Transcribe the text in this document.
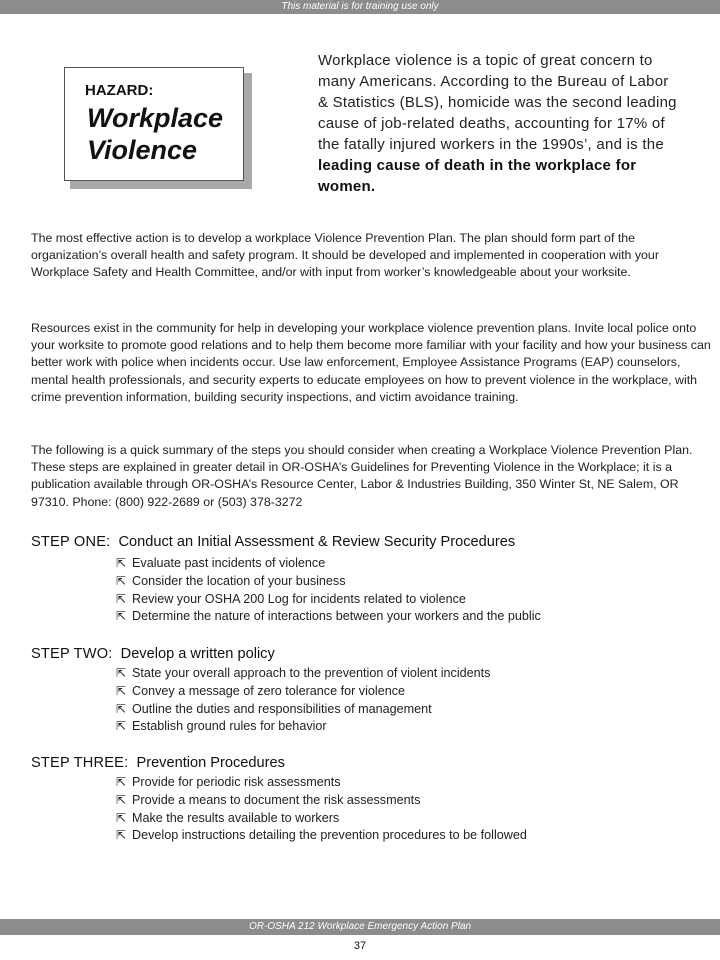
This material is for training use only
HAZARD:
Workplace
Violence
Workplace violence is a topic of great concern to many Americans. According to the Bureau of Labor & Statistics (BLS), homicide was the second leading cause of job-related deaths, accounting for 17% of the fatally injured workers in the 1990s’, and is the leading cause of death in the workplace for women.
The most effective action is to develop a workplace Violence Prevention Plan. The plan should form part of the organization’s overall health and safety program. It should be developed and implemented in cooperation with your Workplace Safety and Health Committee, and/or with input from worker’s knowledgeable about your worksite.
Resources exist in the community for help in developing your workplace violence prevention plans. Invite local police onto your worksite to promote good relations and to help them become more familiar with your facility and how your business can better work with police when incidents occur. Use law enforcement, Employee Assistance Programs (EAP) counselors, mental health professionals, and security experts to educate employees on how to prevent violence in the workplace, with crime prevention information, building security inspections, and victim avoidance training.
The following is a quick summary of the steps you should consider when creating a Workplace Violence Prevention Plan. These steps are explained in greater detail in OR-OSHA’s Guidelines for Preventing Violence in the Workplace; it is a publication available through OR-OSHA’s Resource Center, Labor & Industries Building, 350 Winter St, NE Salem, OR 97310. Phone: (800) 922-2689 or (503) 378-3272
STEP ONE: Conduct an Initial Assessment & Review Security Procedures
⇱ Evaluate past incidents of violence
⇱ Consider the location of your business
⇱ Review your OSHA 200 Log for incidents related to violence
⇱ Determine the nature of interactions between your workers and the public
STEP TWO: Develop a written policy
⇱ State your overall approach to the prevention of violent incidents
⇱ Convey a message of zero tolerance for violence
⇱ Outline the duties and responsibilities of management
⇱ Establish ground rules for behavior
STEP THREE: Prevention Procedures
⇱ Provide for periodic risk assessments
⇱ Provide a means to document the risk assessments
⇱ Make the results available to workers
⇱ Develop instructions detailing the prevention procedures to be followed
OR-OSHA 212 Workplace Emergency Action Plan
37
